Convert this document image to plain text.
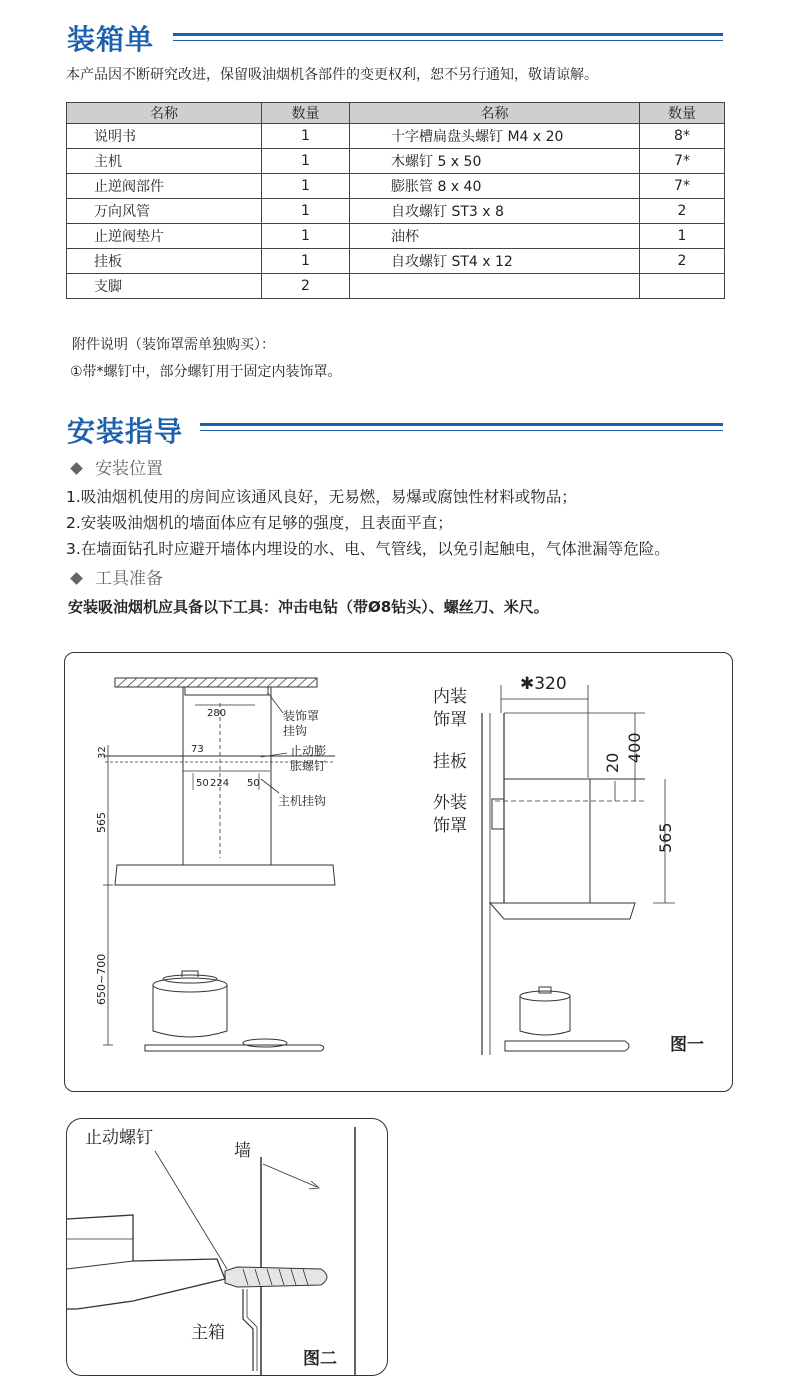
装箱单
本产品因不断研究改进，保留吸油烟机各部件的变更权利，恕不另行通知，敬请谅解。
名称	数量	名称	数量
说明书	1	十字槽扁盘头螺钉 M4 x 20	8*
主机	1	木螺钉 5 x 50	7*
止逆阀部件	1	膨胀管 8 x 40	7*
万向风管	1	自攻螺钉 ST3 x 8	2
止逆阀垫片	1	油杯	1
挂板	1	自攻螺钉 ST4 x 12	2
支脚	2		
附件说明（装饰罩需单独购买）：
①带*螺钉中，部分螺钉用于固定内装饰罩。
安装指导
安装位置
1.吸油烟机使用的房间应该通风良好，无易燃，易爆或腐蚀性材料或物品；
2.安装吸油烟机的墙面体应有足够的强度，且表面平直；
3.在墙面钻孔时应避开墙体内埋设的水、电、气管线，以免引起触电，气体泄漏等危险。
工具准备
安装吸油烟机应具备以下工具：冲击电钻（带Ø8钻头）、螺丝刀、米尺。
280
73
32
50 224 50
565
650~700
装饰罩
挂钩
止动膨
胀螺钉
主机挂钩
内装
饰罩
挂板
外装
饰罩
✱320
400
20
565
图一
止动螺钉
墙
主箱
图二
